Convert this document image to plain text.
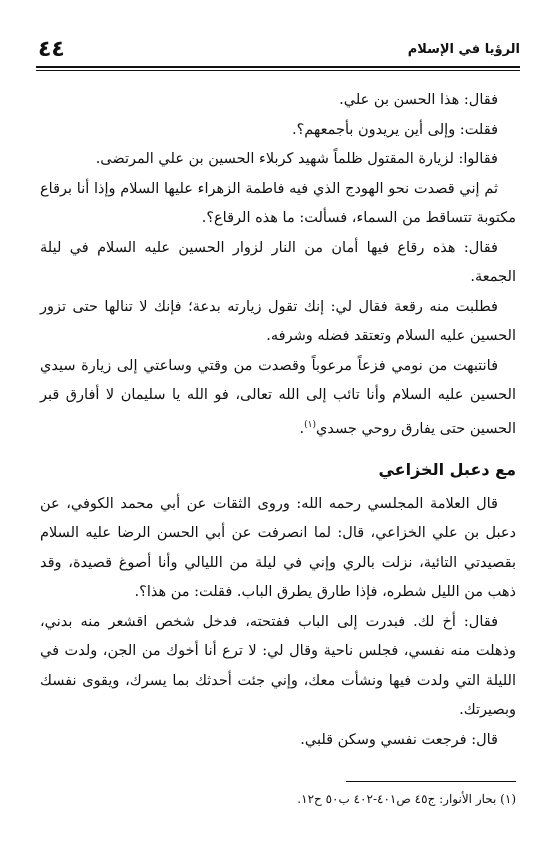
الرؤيا في الإسلام
٤٤

فقال: هذا الحسن بن علي.

فقلت: وإلى أين يريدون بأجمعهم؟.

فقالوا: لزيارة المقتول ظلماً شهيد كربلاء الحسين بن علي المرتضى.

ثم إني قصدت نحو الهودج الذي فيه فاطمة الزهراء عليها السلام وإذا أنا برقاع مكتوبة تتساقط من السماء، فسألت: ما هذه الرقاع؟.

فقال: هذه رقاع فيها أمان من النار لزوار الحسين عليه السلام في ليلة الجمعة.

فطلبت منه رقعة فقال لي: إنك تقول زيارته بدعة؛ فإنك لا تنالها حتى تزور الحسين عليه السلام وتعتقد فضله وشرفه.

فانتبهت من نومي فزعاً مرعوباً وقصدت من وقتي وساعتي إلى زيارة سيدي الحسين عليه السلام وأنا تائب إلى الله تعالى، فو الله يا سليمان لا أفارق قبر الحسين حتى يفارق روحي جسدي$^{(١)}$.

مع دعبل الخزاعي

قال العلامة المجلسي رحمه الله: وروى الثقات عن أبي محمد الكوفي، عن دعبل بن علي الخزاعي، قال: لما انصرفت عن أبي الحسن الرضا عليه السلام بقصيدتي التائية، نزلت بالري وإني في ليلة من الليالي وأنا أصوغ قصيدة، وقد ذهب من الليل شطره، فإذا طارق يطرق الباب. فقلت: من هذا؟.

فقال: أخ لك. فبدرت إلى الباب ففتحته، فدخل شخص اقشعر منه بدني، وذهلت منه نفسي، فجلس ناحية وقال لي: لا ترع أنا أخوك من الجن، ولدت في الليلة التي ولدت فيها ونشأت معك، وإني جئت أحدثك بما يسرك، ويقوى نفسك وبصيرتك.

قال: فرجعت نفسي وسكن قلبي.

(١) بحار الأنوار: ج٤٥ ص٤٠١-٤٠٢ ب٥٠ ح١٢.
